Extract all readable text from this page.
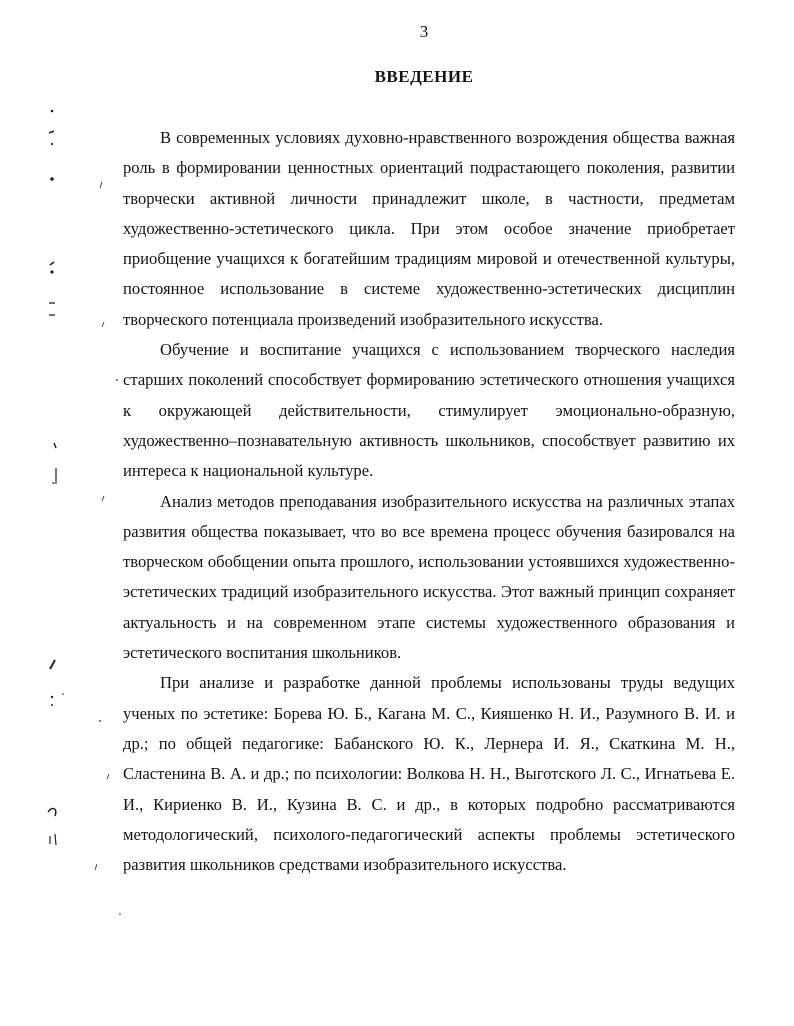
3
ВВЕДЕНИЕ

В современных условиях духовно-нравственного возрождения общества важная роль в формировании ценностных ориентаций подрастающего поколения, развитии творчески активной личности принадлежит школе, в частности, предметам художественно-эстетического цикла. При этом особое значение приобретает приобщение учащихся к богатейшим традициям мировой и отечественной культуры, постоянное использование в системе художественно-эстетических дисциплин творческого потенциала произведений изобразительного искусства.

Обучение и воспитание учащихся с использованием творческого наследия старших поколений способствует формированию эстетического отношения учащихся к окружающей действительности, стимулирует эмоционально-образную, художественно–познавательную активность школьников, способствует развитию их интереса к национальной культуре.

Анализ методов преподавания изобразительного искусства на различных этапах развития общества показывает, что во все времена процесс обучения базировался на творческом обобщении опыта прошлого, использовании устоявшихся художественно-эстетических традиций изобразительного искусства. Этот важный принцип сохраняет актуальность и на современном этапе системы художественного образования и эстетического воспитания школьников.

При анализе и разработке данной проблемы использованы труды ведущих ученых по эстетике: Борева Ю. Б., Кагана М. С., Кияшенко Н. И., Разумного В. И. и др.; по общей педагогике: Бабанского Ю. К., Лернера И. Я., Скаткина М. Н., Сластенина В. А. и др.; по психологии: Волкова Н. Н., Выготского Л. С., Игнатьева Е. И., Кириенко В. И., Кузина В. С. и др., в которых подробно рассматриваются методологический, психолого-педагогический аспекты проблемы эстетического развития школьников средствами изобразительного искусства.
